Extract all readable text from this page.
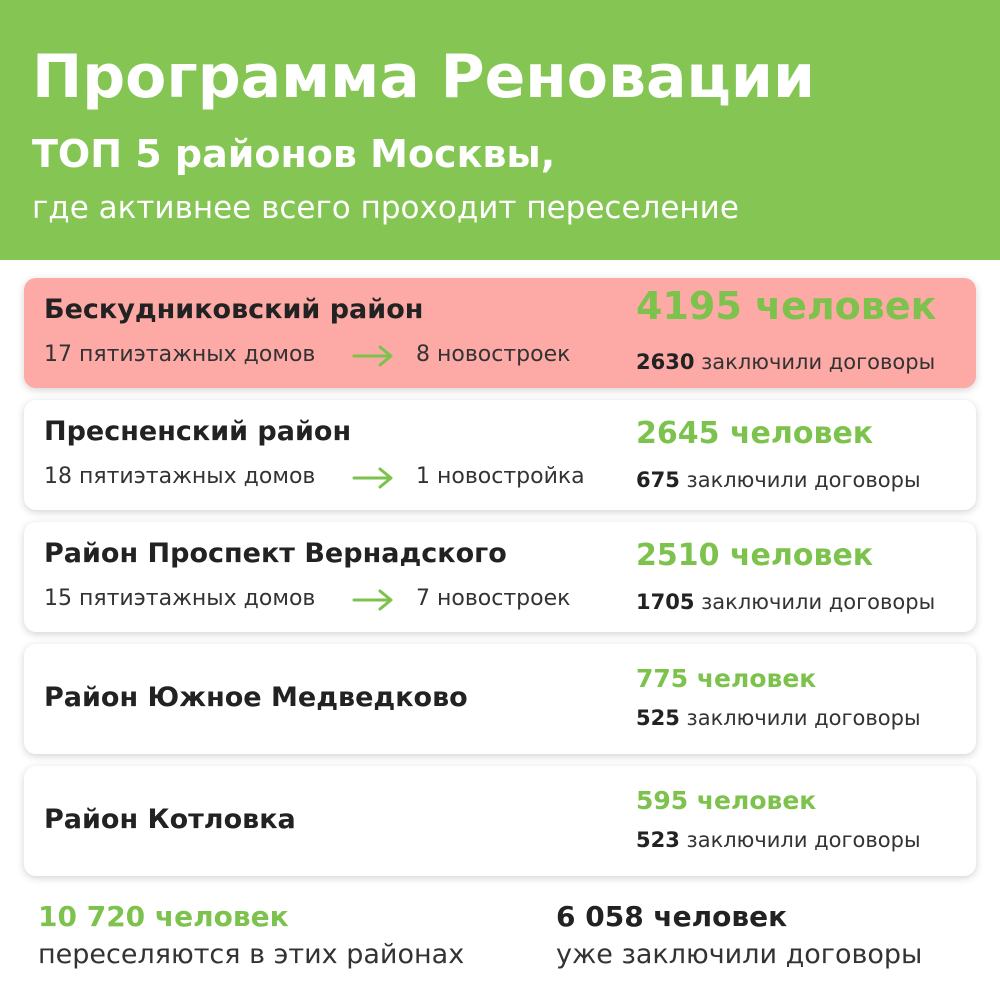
Программа Реновации
ТОП 5 районов Москвы,
где активнее всего проходит переселение
Бескудниковский район
17 пятиэтажных домов	8 новостроек
4195 человек
2630 заключили договоры
Пресненский район
18 пятиэтажных домов	1 новостройка
2645 человек
675 заключили договоры
Район Проспект Вернадского
15 пятиэтажных домов	7 новостроек
2510 человек
1705 заключили договоры
Район Южное Медведково
775 человек
525 заключили договоры
Район Котловка
595 человек
523 заключили договоры
10 720 человек
переселяются в этих районах
6 058 человек
уже заключили договоры
